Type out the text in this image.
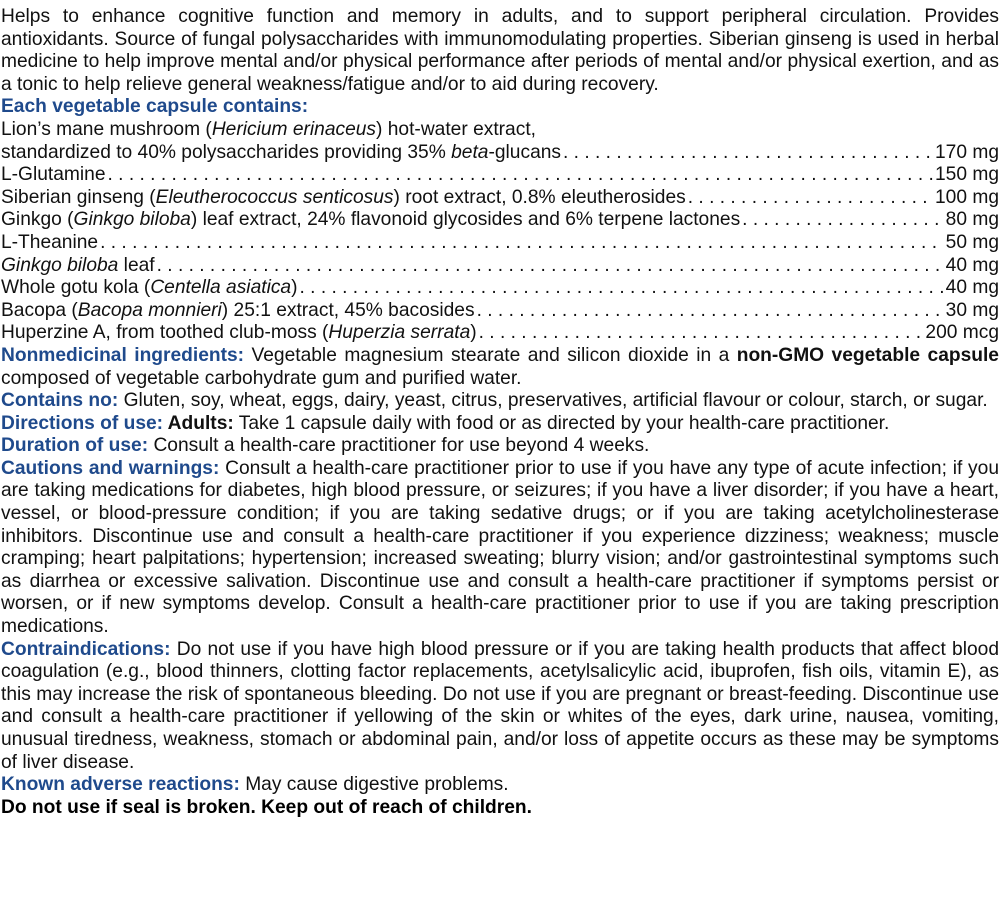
Helps to enhance cognitive function and memory in adults, and to support peripheral circulation. Provides antioxidants. Source of fungal polysaccharides with immunomodulating properties. Siberian ginseng is used in herbal medicine to help improve mental and/or physical performance after periods of mental and/or physical exertion, and as a tonic to help relieve general weakness/fatigue and/or to aid during recovery.

Each vegetable capsule contains:
Lion’s mane mushroom (Hericium erinaceus) hot-water extract,
standardized to 40% polysaccharides providing 35% beta-glucans . . .	170 mg
L-Glutamine . . .	150 mg
Siberian ginseng (Eleutherococcus senticosus) root extract, 0.8% eleutherosides . . .	100 mg
Ginkgo (Ginkgo biloba) leaf extract, 24% flavonoid glycosides and 6% terpene lactones . . .	80 mg
L-Theanine . . .	50 mg
Ginkgo biloba leaf . . .	40 mg
Whole gotu kola (Centella asiatica) . . .	40 mg
Bacopa (Bacopa monnieri) 25:1 extract, 45% bacosides . . .	30 mg
Huperzine A, from toothed club-moss (Huperzia serrata) . . .	200 mcg

Nonmedicinal ingredients: Vegetable magnesium stearate and silicon dioxide in a non-GMO vegetable capsule composed of vegetable carbohydrate gum and purified water.

Contains no: Gluten, soy, wheat, eggs, dairy, yeast, citrus, preservatives, artificial flavour or colour, starch, or sugar.

Directions of use: Adults: Take 1 capsule daily with food or as directed by your health-care practitioner.

Duration of use: Consult a health-care practitioner for use beyond 4 weeks.

Cautions and warnings: Consult a health-care practitioner prior to use if you have any type of acute infection; if you are taking medications for diabetes, high blood pressure, or seizures; if you have a liver disorder; if you have a heart, vessel, or blood-pressure condition; if you are taking sedative drugs; or if you are taking acetylcholinesterase inhibitors. Discontinue use and consult a health-care practitioner if you experience dizziness; weakness; muscle cramping; heart palpitations; hypertension; increased sweating; blurry vision; and/or gastrointestinal symptoms such as diarrhea or excessive salivation. Discontinue use and consult a health-care practitioner if symptoms persist or worsen, or if new symptoms develop. Consult a health-care practitioner prior to use if you are taking prescription medications.

Contraindications: Do not use if you have high blood pressure or if you are taking health products that affect blood coagulation (e.g., blood thinners, clotting factor replacements, acetylsalicylic acid, ibuprofen, fish oils, vitamin E), as this may increase the risk of spontaneous bleeding. Do not use if you are pregnant or breast-feeding. Discontinue use and consult a health-care practitioner if yellowing of the skin or whites of the eyes, dark urine, nausea, vomiting, unusual tiredness, weakness, stomach or abdominal pain, and/or loss of appetite occurs as these may be symptoms of liver disease.

Known adverse reactions: May cause digestive problems.

Do not use if seal is broken. Keep out of reach of children.
